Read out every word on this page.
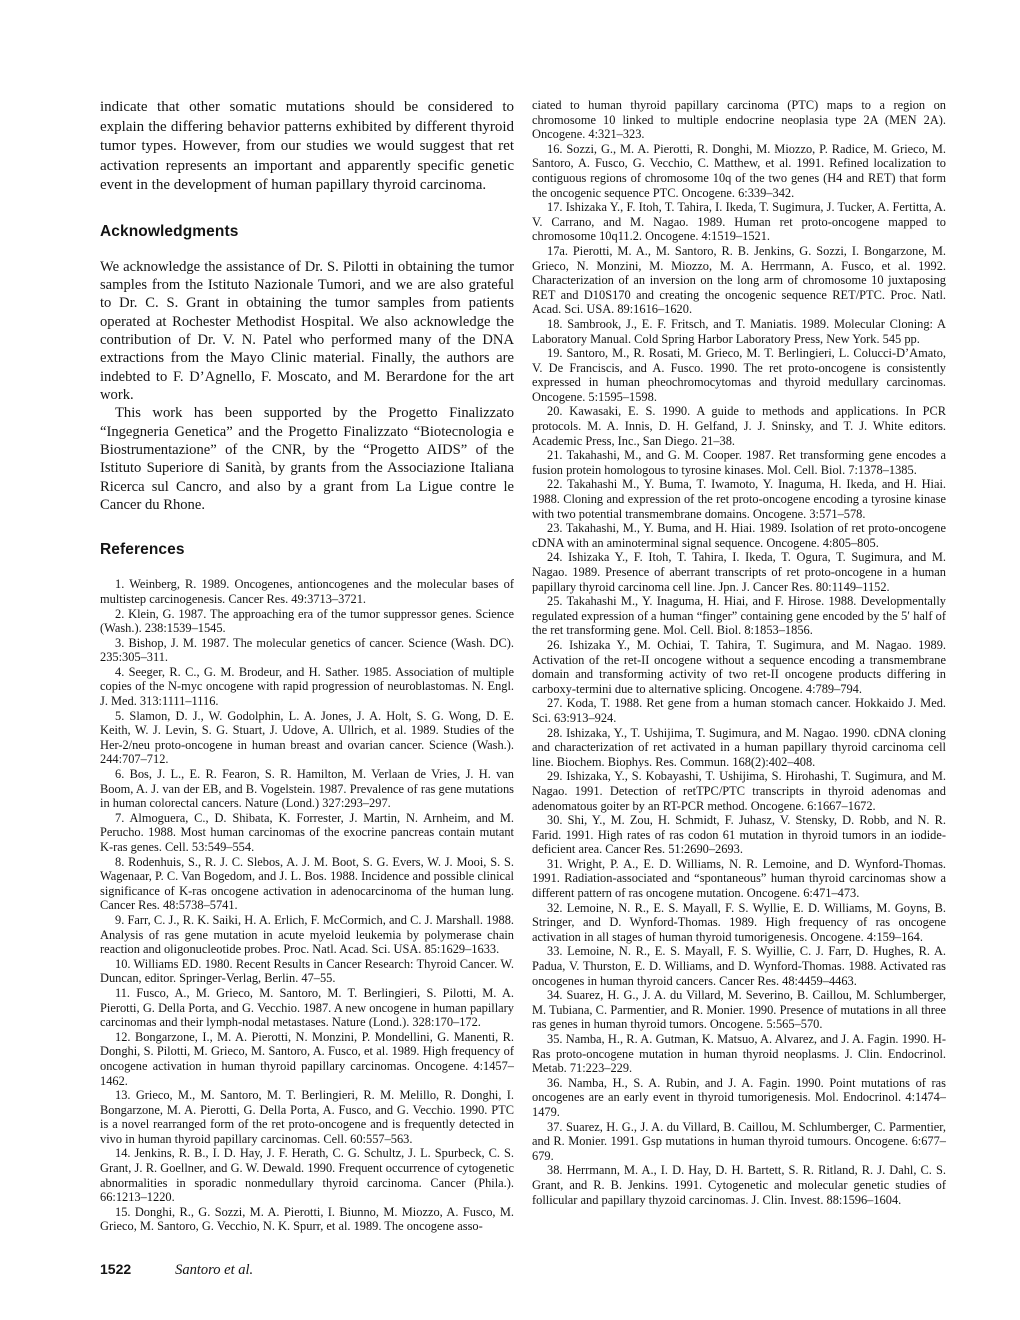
indicate that other somatic mutations should be considered to explain the differing behavior patterns exhibited by different thyroid tumor types. However, from our studies we would suggest that ret activation represents an important and apparently specific genetic event in the development of human papillary thyroid carcinoma.

Acknowledgments

We acknowledge the assistance of Dr. S. Pilotti in obtaining the tumor samples from the Istituto Nazionale Tumori, and we are also grateful to Dr. C. S. Grant in obtaining the tumor samples from patients operated at Rochester Methodist Hospital. We also acknowledge the contribution of Dr. V. N. Patel who performed many of the DNA extractions from the Mayo Clinic material. Finally, the authors are indebted to F. D’Agnello, F. Moscato, and M. Berardone for the art work.

This work has been supported by the Progetto Finalizzato “Ingegneria Genetica” and the Progetto Finalizzato “Biotecnologia e Biostrumentazione” of the CNR, by the “Progetto AIDS” of the Istituto Superiore di Sanità, by grants from the Associazione Italiana Ricerca sul Cancro, and also by a grant from La Ligue contre le Cancer du Rhone.

References

1. Weinberg, R. 1989. Oncogenes, antioncogenes and the molecular bases of multistep carcinogenesis. Cancer Res. 49:3713–3721.

2. Klein, G. 1987. The approaching era of the tumor suppressor genes. Science (Wash.). 238:1539–1545.

3. Bishop, J. M. 1987. The molecular genetics of cancer. Science (Wash. DC). 235:305–311.

4. Seeger, R. C., G. M. Brodeur, and H. Sather. 1985. Association of multiple copies of the N-myc oncogene with rapid progression of neuroblastomas. N. Engl. J. Med. 313:1111–1116.

5. Slamon, D. J., W. Godolphin, L. A. Jones, J. A. Holt, S. G. Wong, D. E. Keith, W. J. Levin, S. G. Stuart, J. Udove, A. Ullrich, et al. 1989. Studies of the Her-2/neu proto-oncogene in human breast and ovarian cancer. Science (Wash.). 244:707–712.

6. Bos, J. L., E. R. Fearon, S. R. Hamilton, M. Verlaan de Vries, J. H. van Boom, A. J. van der EB, and B. Vogelstein. 1987. Prevalence of ras gene mutations in human colorectal cancers. Nature (Lond.) 327:293–297.

7. Almoguera, C., D. Shibata, K. Forrester, J. Martin, N. Arnheim, and M. Perucho. 1988. Most human carcinomas of the exocrine pancreas contain mutant K-ras genes. Cell. 53:549–554.

8. Rodenhuis, S., R. J. C. Slebos, A. J. M. Boot, S. G. Evers, W. J. Mooi, S. S. Wagenaar, P. C. Van Bogedom, and J. L. Bos. 1988. Incidence and possible clinical significance of K-ras oncogene activation in adenocarcinoma of the human lung. Cancer Res. 48:5738–5741.

9. Farr, C. J., R. K. Saiki, H. A. Erlich, F. McCormich, and C. J. Marshall. 1988. Analysis of ras gene mutation in acute myeloid leukemia by polymerase chain reaction and oligonucleotide probes. Proc. Natl. Acad. Sci. USA. 85:1629–1633.

10. Williams ED. 1980. Recent Results in Cancer Research: Thyroid Cancer. W. Duncan, editor. Springer-Verlag, Berlin. 47–55.

11. Fusco, A., M. Grieco, M. Santoro, M. T. Berlingieri, S. Pilotti, M. A. Pierotti, G. Della Porta, and G. Vecchio. 1987. A new oncogene in human papillary carcinomas and their lymph-nodal metastases. Nature (Lond.). 328:170–172.

12. Bongarzone, I., M. A. Pierotti, N. Monzini, P. Mondellini, G. Manenti, R. Donghi, S. Pilotti, M. Grieco, M. Santoro, A. Fusco, et al. 1989. High frequency of oncogene activation in human thyroid papillary carcinomas. Oncogene. 4:1457–1462.

13. Grieco, M., M. Santoro, M. T. Berlingieri, R. M. Melillo, R. Donghi, I. Bongarzone, M. A. Pierotti, G. Della Porta, A. Fusco, and G. Vecchio. 1990. PTC is a novel rearranged form of the ret proto-oncogene and is frequently detected in vivo in human thyroid papillary carcinomas. Cell. 60:557–563.

14. Jenkins, R. B., I. D. Hay, J. F. Herath, C. G. Schultz, J. L. Spurbeck, C. S. Grant, J. R. Goellner, and G. W. Dewald. 1990. Frequent occurrence of cytogenetic abnormalities in sporadic nonmedullary thyroid carcinoma. Cancer (Phila.). 66:1213–1220.

15. Donghi, R., G. Sozzi, M. A. Pierotti, I. Biunno, M. Miozzo, A. Fusco, M. Grieco, M. Santoro, G. Vecchio, N. K. Spurr, et al. 1989. The oncogene asso-

ciated to human thyroid papillary carcinoma (PTC) maps to a region on chromosome 10 linked to multiple endocrine neoplasia type 2A (MEN 2A). Oncogene. 4:321–323.

16. Sozzi, G., M. A. Pierotti, R. Donghi, M. Miozzo, P. Radice, M. Grieco, M. Santoro, A. Fusco, G. Vecchio, C. Matthew, et al. 1991. Refined localization to contiguous regions of chromosome 10q of the two genes (H4 and RET) that form the oncogenic sequence PTC. Oncogene. 6:339–342.

17. Ishizaka Y., F. Itoh, T. Tahira, I. Ikeda, T. Sugimura, J. Tucker, A. Fertitta, A. V. Carrano, and M. Nagao. 1989. Human ret proto-oncogene mapped to chromosome 10q11.2. Oncogene. 4:1519–1521.

17a. Pierotti, M. A., M. Santoro, R. B. Jenkins, G. Sozzi, I. Bongarzone, M. Grieco, N. Monzini, M. Miozzo, M. A. Herrmann, A. Fusco, et al. 1992. Characterization of an inversion on the long arm of chromosome 10 juxtaposing RET and D10S170 and creating the oncogenic sequence RET/PTC. Proc. Natl. Acad. Sci. USA. 89:1616–1620.

18. Sambrook, J., E. F. Fritsch, and T. Maniatis. 1989. Molecular Cloning: A Laboratory Manual. Cold Spring Harbor Laboratory Press, New York. 545 pp.

19. Santoro, M., R. Rosati, M. Grieco, M. T. Berlingieri, L. Colucci-D’Amato, V. De Franciscis, and A. Fusco. 1990. The ret proto-oncogene is consistently expressed in human pheochromocytomas and thyroid medullary carcinomas. Oncogene. 5:1595–1598.

20. Kawasaki, E. S. 1990. A guide to methods and applications. In PCR protocols. M. A. Innis, D. H. Gelfand, J. J. Sninsky, and T. J. White editors. Academic Press, Inc., San Diego. 21–38.

21. Takahashi, M., and G. M. Cooper. 1987. Ret transforming gene encodes a fusion protein homologous to tyrosine kinases. Mol. Cell. Biol. 7:1378–1385.

22. Takahashi M., Y. Buma, T. Iwamoto, Y. Inaguma, H. Ikeda, and H. Hiai. 1988. Cloning and expression of the ret proto-oncogene encoding a tyrosine kinase with two potential transmembrane domains. Oncogene. 3:571–578.

23. Takahashi, M., Y. Buma, and H. Hiai. 1989. Isolation of ret proto-oncogene cDNA with an aminoterminal signal sequence. Oncogene. 4:805–805.

24. Ishizaka Y., F. Itoh, T. Tahira, I. Ikeda, T. Ogura, T. Sugimura, and M. Nagao. 1989. Presence of aberrant transcripts of ret proto-oncogene in a human papillary thyroid carcinoma cell line. Jpn. J. Cancer Res. 80:1149–1152.

25. Takahashi M., Y. Inaguma, H. Hiai, and F. Hirose. 1988. Developmentally regulated expression of a human “finger” containing gene encoded by the 5′ half of the ret transforming gene. Mol. Cell. Biol. 8:1853–1856.

26. Ishizaka Y., M. Ochiai, T. Tahira, T. Sugimura, and M. Nagao. 1989. Activation of the ret-II oncogene without a sequence encoding a transmembrane domain and transforming activity of two ret-II oncogene products differing in carboxy-termini due to alternative splicing. Oncogene. 4:789–794.

27. Koda, T. 1988. Ret gene from a human stomach cancer. Hokkaido J. Med. Sci. 63:913–924.

28. Ishizaka, Y., T. Ushijima, T. Sugimura, and M. Nagao. 1990. cDNA cloning and characterization of ret activated in a human papillary thyroid carcinoma cell line. Biochem. Biophys. Res. Commun. 168(2):402–408.

29. Ishizaka, Y., S. Kobayashi, T. Ushijima, S. Hirohashi, T. Sugimura, and M. Nagao. 1991. Detection of retTPC/PTC transcripts in thyroid adenomas and adenomatous goiter by an RT-PCR method. Oncogene. 6:1667–1672.

30. Shi, Y., M. Zou, H. Schmidt, F. Juhasz, V. Stensky, D. Robb, and N. R. Farid. 1991. High rates of ras codon 61 mutation in thyroid tumors in an iodide-deficient area. Cancer Res. 51:2690–2693.

31. Wright, P. A., E. D. Williams, N. R. Lemoine, and D. Wynford-Thomas. 1991. Radiation-associated and “spontaneous” human thyroid carcinomas show a different pattern of ras oncogene mutation. Oncogene. 6:471–473.

32. Lemoine, N. R., E. S. Mayall, F. S. Wyllie, E. D. Williams, M. Goyns, B. Stringer, and D. Wynford-Thomas. 1989. High frequency of ras oncogene activation in all stages of human thyroid tumorigenesis. Oncogene. 4:159–164.

33. Lemoine, N. R., E. S. Mayall, F. S. Wyillie, C. J. Farr, D. Hughes, R. A. Padua, V. Thurston, E. D. Williams, and D. Wynford-Thomas. 1988. Activated ras oncogenes in human thyroid cancers. Cancer Res. 48:4459–4463.

34. Suarez, H. G., J. A. du Villard, M. Severino, B. Caillou, M. Schlumberger, M. Tubiana, C. Parmentier, and R. Monier. 1990. Presence of mutations in all three ras genes in human thyroid tumors. Oncogene. 5:565–570.

35. Namba, H., R. A. Gutman, K. Matsuo, A. Alvarez, and J. A. Fagin. 1990. H-Ras proto-oncogene mutation in human thyroid neoplasms. J. Clin. Endocrinol. Metab. 71:223–229.

36. Namba, H., S. A. Rubin, and J. A. Fagin. 1990. Point mutations of ras oncogenes are an early event in thyroid tumorigenesis. Mol. Endocrinol. 4:1474–1479.

37. Suarez, H. G., J. A. du Villard, B. Caillou, M. Schlumberger, C. Parmentier, and R. Monier. 1991. Gsp mutations in human thyroid tumours. Oncogene. 6:677–679.

38. Herrmann, M. A., I. D. Hay, D. H. Bartett, S. R. Ritland, R. J. Dahl, C. S. Grant, and R. B. Jenkins. 1991. Cytogenetic and molecular genetic studies of follicular and papillary thyzoid carcinomas. J. Clin. Invest. 88:1596–1604.

1522	Santoro et al.
